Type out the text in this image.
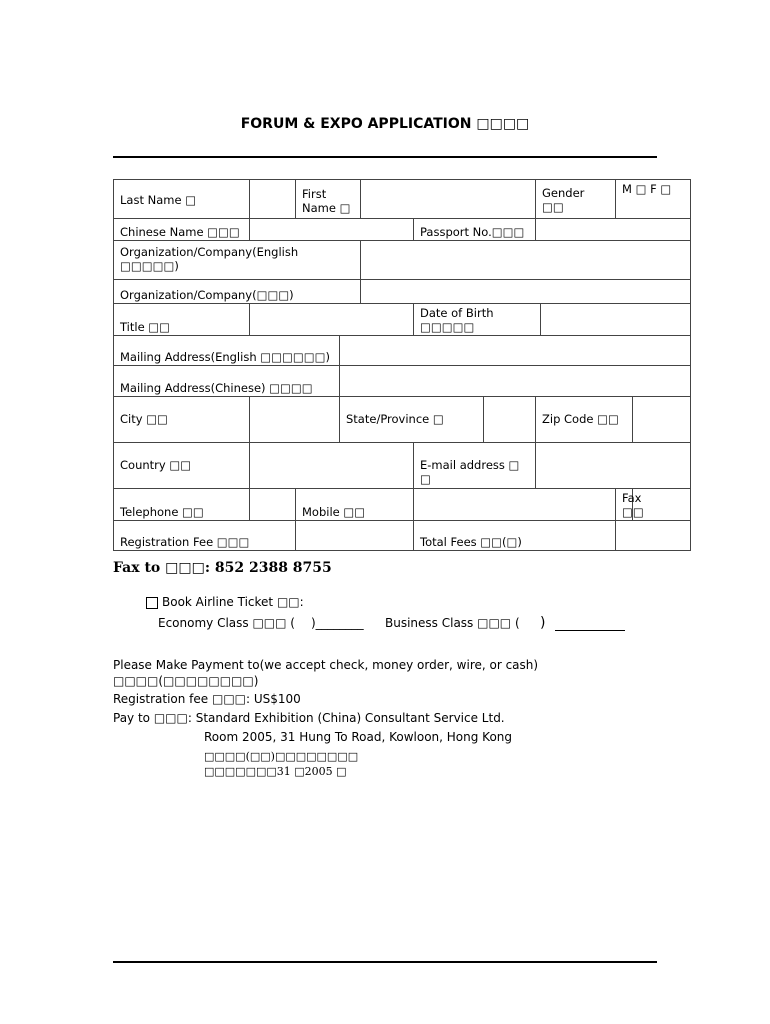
FORUM & EXPO APPLICATION □□□□
Last Name □		First Name □					Gender □□		M □ F □	
Chinese Name □□□					Passport No.□□□					
Organization/Company(English □□□□□)										
Organization/Company(□□□)										
Title □□					Date of Birth □□□□□					
Mailing Address(English □□□□□□)										
Mailing Address(Chinese) □□□□										
City □□			State/Province □				Zip Code □□			
Country □□					E-mail address □ □					
Telephone □□		Mobile □□							Fax □□	
Registration Fee □□□					Total Fees □□(□)					
Fax to □□□: 852 2388 8755
Book Airline Ticket □□:
Economy Class □□□ ( )________ Business Class □□□ ( )
Please Make Payment to(we accept check, money order, wire, or cash) □□□□(□□□□□□□□)
Registration fee □□□: US$100
Pay to □□□: Standard Exhibition (China) Consultant Service Ltd.
Room 2005, 31 Hung To Road, Kowloon, Hong Kong
□□□□(□□)□□□□□□□□
□□□□□□□31 □2005 □
